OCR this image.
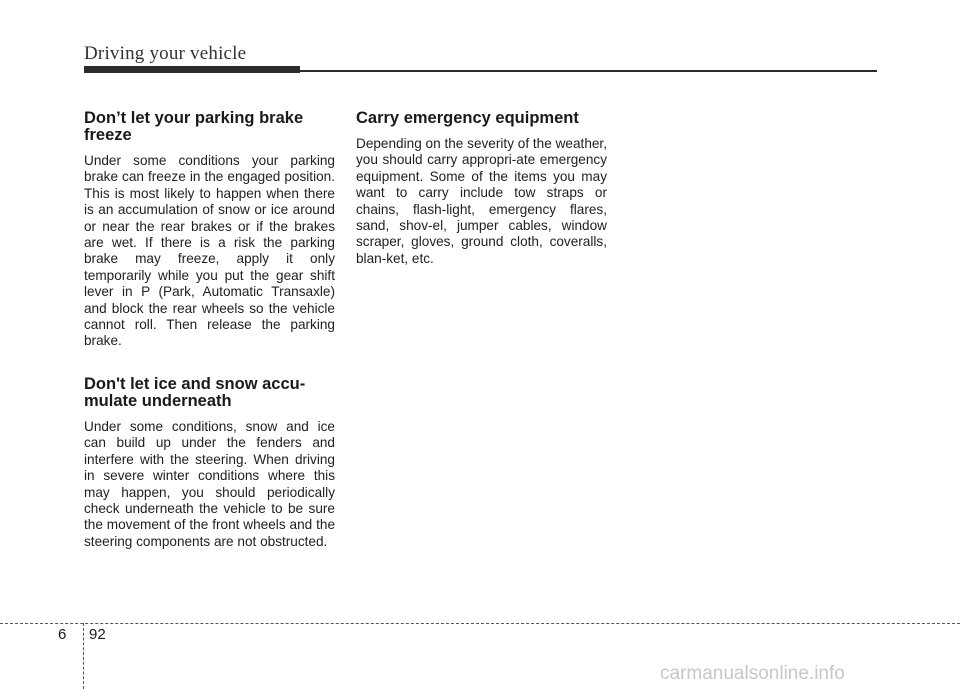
Driving your vehicle
Don’t let your parking brake freeze

Under some conditions your parking brake can freeze in the engaged position. This is most likely to happen when there is an accumulation of snow or ice around or near the rear brakes or if the brakes are wet. If there is a risk the parking brake may freeze, apply it only temporarily while you put the gear shift lever in P (Park, Automatic Transaxle) and block the rear wheels so the vehicle cannot roll. Then release the parking brake.

Don't let ice and snow accu-mulate underneath

Under some conditions, snow and ice can build up under the fenders and interfere with the steering. When driving in severe winter conditions where this may happen, you should periodically check underneath the vehicle to be sure the movement of the front wheels and the steering components are not obstructed.

Carry emergency equipment

Depending on the severity of the weather, you should carry appropri-ate emergency equipment. Some of the items you may want to carry include tow straps or chains, flash-light, emergency flares, sand, shov-el, jumper cables, window scraper, gloves, ground cloth, coveralls, blan-ket, etc.

6 92
carmanualsonline.info
